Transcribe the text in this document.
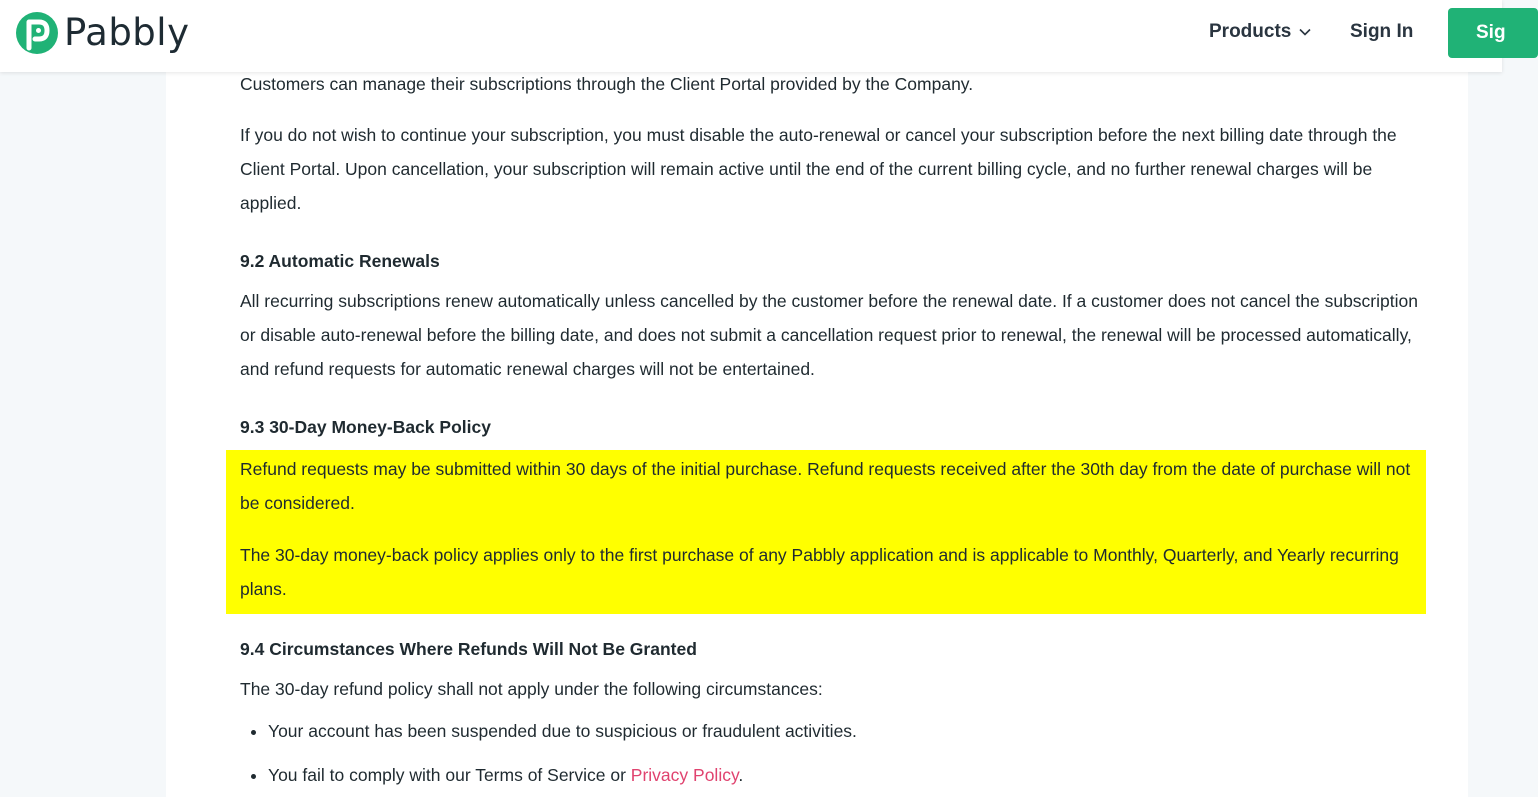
Pabbly	Products	Sign In	Sig

Customers can manage their subscriptions through the Client Portal provided by the Company.

If you do not wish to continue your subscription, you must disable the auto-renewal or cancel your subscription before the next billing date through the Client Portal. Upon cancellation, your subscription will remain active until the end of the current billing cycle, and no further renewal charges will be applied.

9.2 Automatic Renewals

All recurring subscriptions renew automatically unless cancelled by the customer before the renewal date. If a customer does not cancel the subscription or disable auto-renewal before the billing date, and does not submit a cancellation request prior to renewal, the renewal will be processed automatically, and refund requests for automatic renewal charges will not be entertained.

9.3 30-Day Money-Back Policy

Refund requests may be submitted within 30 days of the initial purchase. Refund requests received after the 30th day from the date of purchase will not be considered.

The 30-day money-back policy applies only to the first purchase of any Pabbly application and is applicable to Monthly, Quarterly, and Yearly recurring plans.

9.4 Circumstances Where Refunds Will Not Be Granted

The 30-day refund policy shall not apply under the following circumstances:

• Your account has been suspended due to suspicious or fraudulent activities.
• You fail to comply with our Terms of Service or Privacy Policy.
